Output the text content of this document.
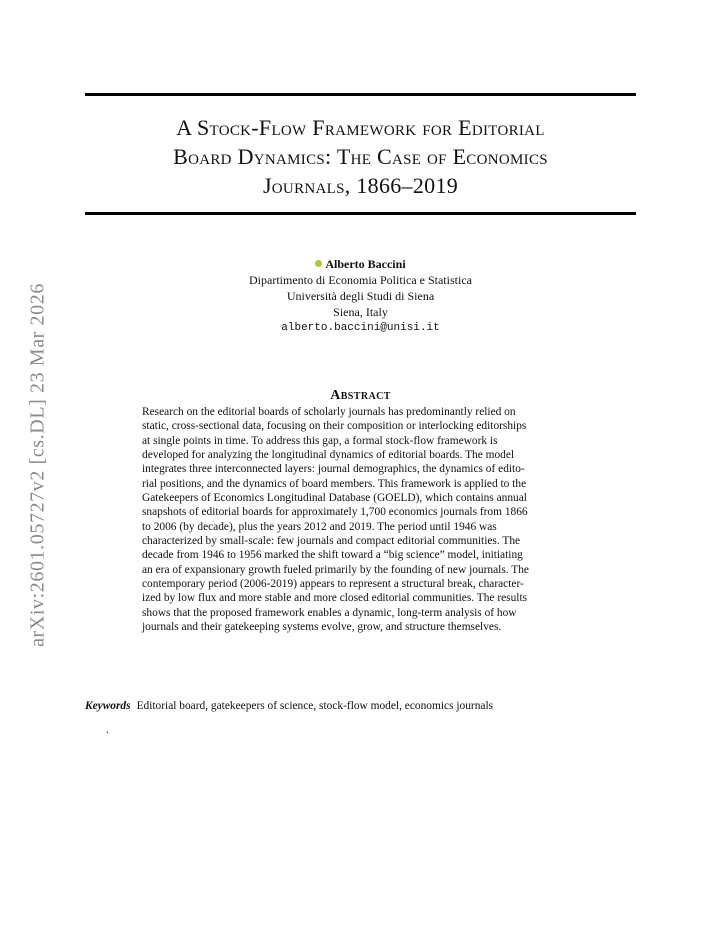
arXiv:2601.05727v2 [cs.DL] 23 Mar 2026
A Stock-Flow Framework for Editorial
Board Dynamics: The Case of Economics
Journals, 1866–2019
Alberto Baccini
Dipartimento di Economia Politica e Statistica
Università degli Studi di Siena
Siena, Italy
alberto.baccini@unisi.it
Abstract
Research on the editorial boards of scholarly journals has predominantly relied on
static, cross-sectional data, focusing on their composition or interlocking editorships
at single points in time. To address this gap, a formal stock-flow framework is
developed for analyzing the longitudinal dynamics of editorial boards. The model
integrates three interconnected layers: journal demographics, the dynamics of edito-
rial positions, and the dynamics of board members. This framework is applied to the
Gatekeepers of Economics Longitudinal Database (GOELD), which contains annual
snapshots of editorial boards for approximately 1,700 economics journals from 1866
to 2006 (by decade), plus the years 2012 and 2019. The period until 1946 was
characterized by small-scale: few journals and compact editorial communities. The
decade from 1946 to 1956 marked the shift toward a “big science” model, initiating
an era of expansionary growth fueled primarily by the founding of new journals. The
contemporary period (2006-2019) appears to represent a structural break, character-
ized by low flux and more stable and more closed editorial communities. The results
shows that the proposed framework enables a dynamic, long-term analysis of how
journals and their gatekeeping systems evolve, grow, and structure themselves.
Keywords Editorial board, gatekeepers of science, stock-flow model, economics journals
.
